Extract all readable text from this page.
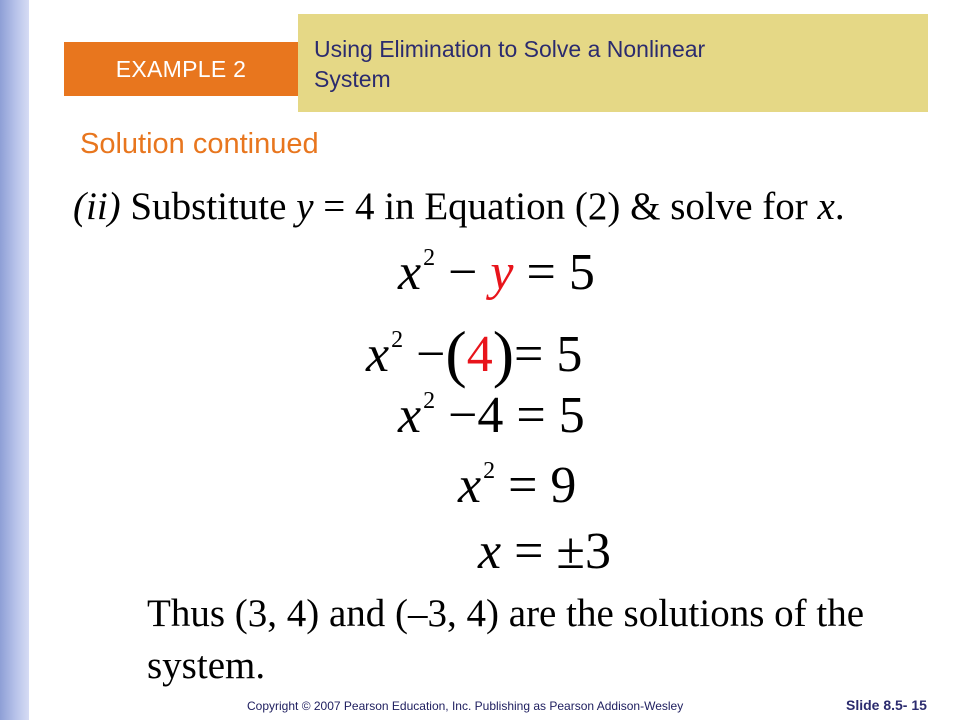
EXAMPLE 2
Using Elimination to Solve a Nonlinear
System
Solution continued
(ii) Substitute y = 4 in Equation (2) & solve for x.
$x^2 - y = 5$
$x^2 -(4)= 5$
$x^2 -4 = 5$
$x^2 = 9$
x = ±3
Thus (3, 4) and (–3, 4) are the solutions of the system.
Copyright © 2007 Pearson Education, Inc. Publishing as Pearson Addison-Wesley	Slide 8.5- 15
